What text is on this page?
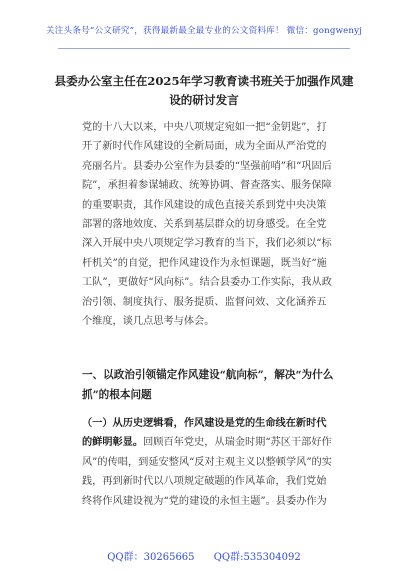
关注头条号“公文研究”，获得最新最全最专业的公文资料库！ 微信：gongwenyj
县委办公室主任在2025年学习教育读书班关于加强作风建设的研讨发言
党的十八大以来，中央八项规定宛如一把“金钥匙”，打开了新时代作风建设的全新局面，成为全面从严治党的亮丽名片。县委办公室作为县委的“坚强前哨”和“巩固后院”，承担着参谋辅政、统筹协调、督查落实、服务保障的重要职责，其作风建设的成色直接关系到党中央决策部署的落地效度、关系到基层群众的切身感受。在全党深入开展中央八项规定学习教育的当下，我们必须以“标杆机关”的自觉，把作风建设作为永恒课题，既当好“施工队”，更做好“风向标”。结合县委办工作实际，我从政治引领、制度执行、服务提质、监督问效、文化涵养五个维度，谈几点思考与体会。
一、以政治引领锚定作风建设“航向标”，解决“为什么抓”的根本问题
（一）从历史逻辑看，作风建设是党的生命线在新时代的鲜明彰显。回顾百年党史，从瑞金时期“苏区干部好作风”的传唱，到延安整风“反对主观主义以整顿学风”的实践，再到新时代以八项规定破题的作风革命，我们党始终将作风建设视为“党的建设的永恒主题”。县委办作为
QQ群：30265665 QQ群:535304092
